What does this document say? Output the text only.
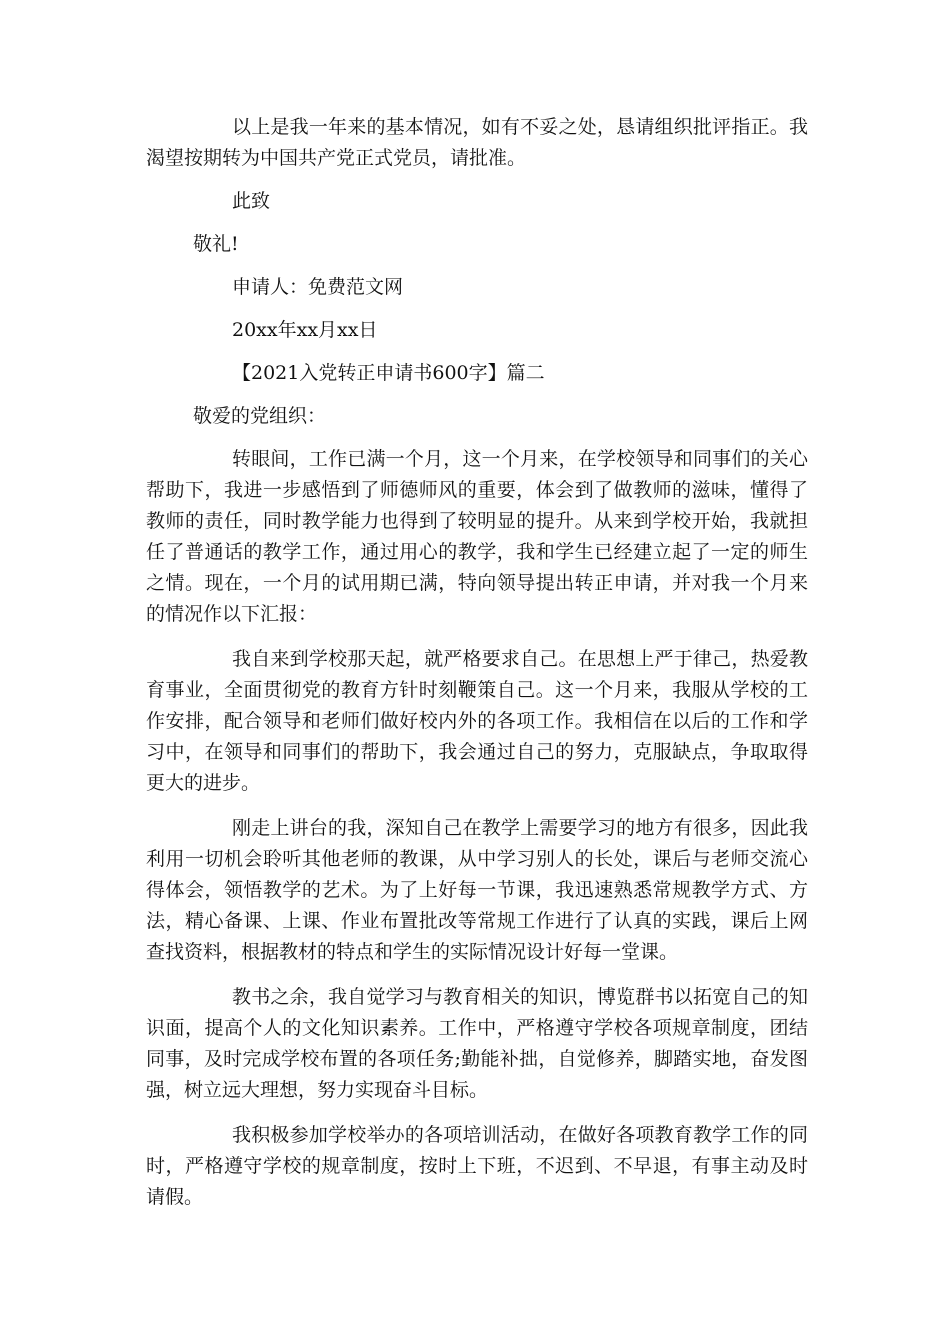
以上是我一年来的基本情况，如有不妥之处，恳请组织批评指正。我渴望按期转为中国共产党正式党员，请批准。

此致

敬礼!

申请人：免费范文网

20xx年xx月xx日

【2021入党转正申请书600字】篇二

敬爱的党组织：

转眼间，工作已满一个月，这一个月来，在学校领导和同事们的关心帮助下，我进一步感悟到了师德师风的重要，体会到了做教师的滋味，懂得了教师的责任，同时教学能力也得到了较明显的提升。从来到学校开始，我就担任了普通话的教学工作，通过用心的教学，我和学生已经建立起了一定的师生之情。现在，一个月的试用期已满，特向领导提出转正申请，并对我一个月来的情况作以下汇报：

我自来到学校那天起，就严格要求自己。在思想上严于律己，热爱教育事业，全面贯彻党的教育方针时刻鞭策自己。这一个月来，我服从学校的工作安排，配合领导和老师们做好校内外的各项工作。我相信在以后的工作和学习中，在领导和同事们的帮助下，我会通过自己的努力，克服缺点，争取取得更大的进步。

刚走上讲台的我，深知自己在教学上需要学习的地方有很多，因此我利用一切机会聆听其他老师的教课，从中学习别人的长处，课后与老师交流心得体会，领悟教学的艺术。为了上好每一节课，我迅速熟悉常规教学方式、方法，精心备课、上课、作业布置批改等常规工作进行了认真的实践，课后上网查找资料，根据教材的特点和学生的实际情况设计好每一堂课。

教书之余，我自觉学习与教育相关的知识，博览群书以拓宽自己的知识面，提高个人的文化知识素养。工作中，严格遵守学校各项规章制度，团结同事，及时完成学校布置的各项任务;勤能补拙，自觉修养，脚踏实地，奋发图强，树立远大理想，努力实现奋斗目标。

我积极参加学校举办的各项培训活动，在做好各项教育教学工作的同时，严格遵守学校的规章制度，按时上下班，不迟到、不早退，有事主动及时请假。
